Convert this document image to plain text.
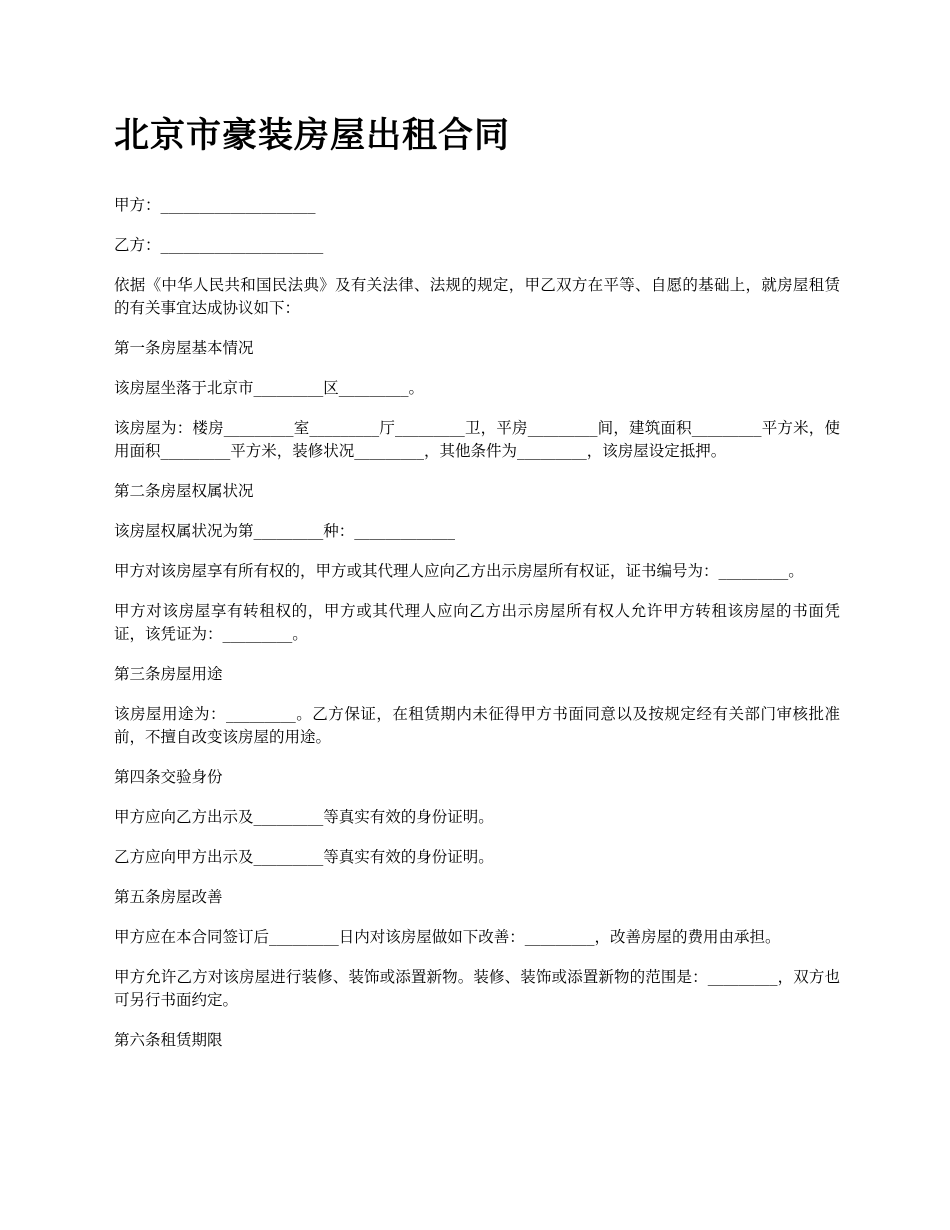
北京市豪装房屋出租合同

甲方：____________________

乙方：_____________________

依据《中华人民共和国民法典》及有关法律、法规的规定，甲乙双方在平等、自愿的基础上，就房屋租赁的有关事宜达成协议如下：

第一条房屋基本情况

该房屋坐落于北京市_________区_________。

该房屋为：楼房_________室_________厅_________卫，平房_________间，建筑面积_________平方米，使用面积_________平方米，装修状况_________，其他条件为_________，该房屋设定抵押。

第二条房屋权属状况

该房屋权属状况为第_________种：_____________

甲方对该房屋享有所有权的，甲方或其代理人应向乙方出示房屋所有权证，证书编号为：_________。

甲方对该房屋享有转租权的，甲方或其代理人应向乙方出示房屋所有权人允许甲方转租该房屋的书面凭证，该凭证为：_________。

第三条房屋用途

该房屋用途为：_________。乙方保证，在租赁期内未征得甲方书面同意以及按规定经有关部门审核批准前，不擅自改变该房屋的用途。

第四条交验身份

甲方应向乙方出示及_________等真实有效的身份证明。

乙方应向甲方出示及_________等真实有效的身份证明。

第五条房屋改善

甲方应在本合同签订后_________日内对该房屋做如下改善：_________，改善房屋的费用由承担。

甲方允许乙方对该房屋进行装修、装饰或添置新物。装修、装饰或添置新物的范围是：_________，双方也可另行书面约定。

第六条租赁期限
